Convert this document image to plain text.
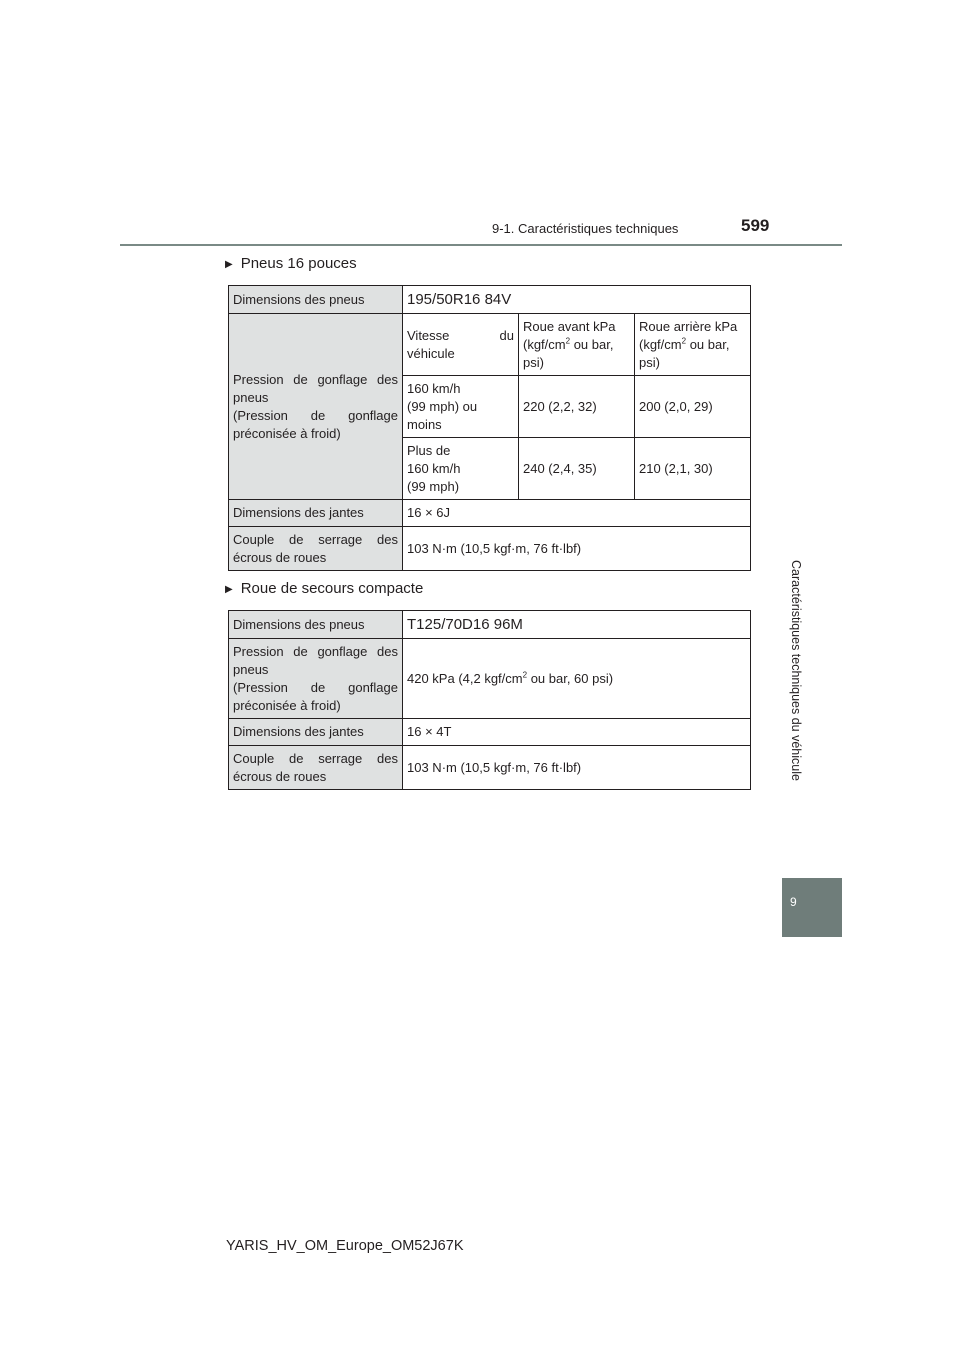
9-1. Caractéristiques techniques	599
Caractéristiques techniques du véhicule
9
▶ Pneus 16 pouces
Dimensions des pneus	195/50R16 84V		
Pression de gonflage des pneus
(Pression de gonflage préconisée à froid)	Vitesse du véhicule	Roue avant kPa ($kgf/cm^2$ ou bar, psi)	Roue arrière kPa ($kgf/cm^2$ ou bar, psi)
	160 km/h
(99 mph) ou
moins	220 (2,2, 32)	200 (2,0, 29)
	Plus de
160 km/h
(99 mph)	240 (2,4, 35)	210 (2,1, 30)
Dimensions des jantes	16 × 6J		
Couple de serrage des écrous de roues	103 N·m (10,5 kgf·m, 76 ft·lbf)		
▶ Roue de secours compacte
Dimensions des pneus	T125/70D16 96M
Pression de gonflage des pneus
(Pression de gonflage préconisée à froid)	420 kPa (4,2 kgf/$cm^2$ ou bar, 60 psi)
Dimensions des jantes	16 × 4T
Couple de serrage des écrous de roues	103 N·m (10,5 kgf·m, 76 ft·lbf)
YARIS_HV_OM_Europe_OM52J67K
